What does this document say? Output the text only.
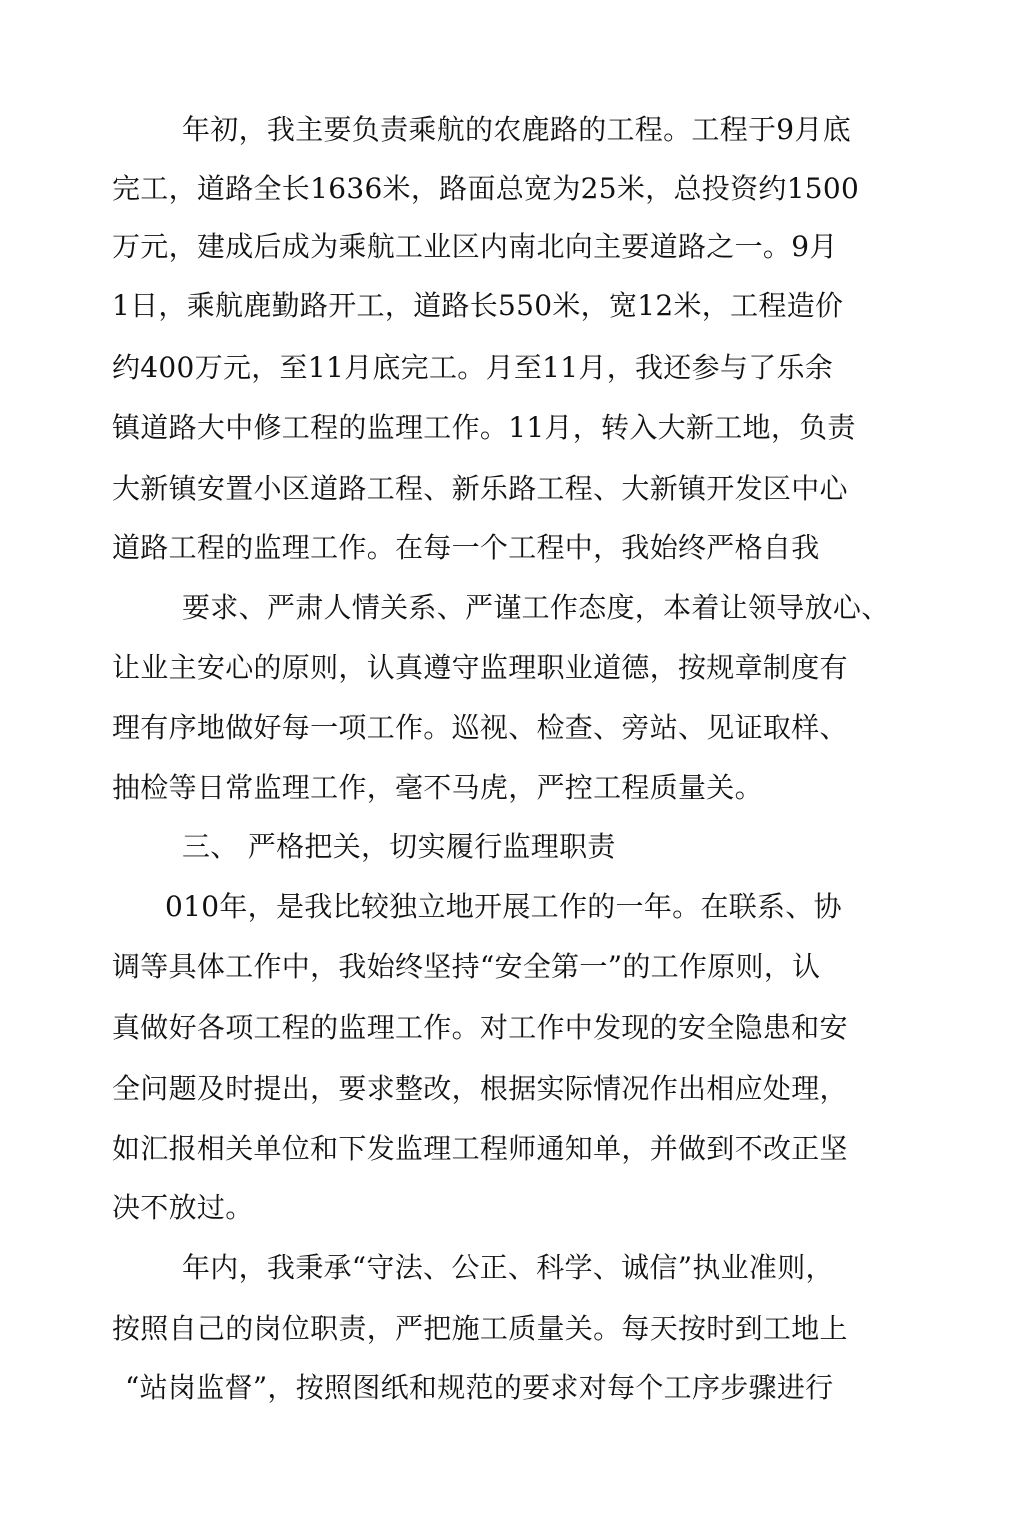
年初，我主要负责乘航的农鹿路的工程。工程于9月底
完工，道路全长1636米，路面总宽为25米，总投资约1500
万元，建成后成为乘航工业区内南北向主要道路之一。9月
1日，乘航鹿勤路开工，道路长550米，宽12米，工程造价
约400万元，至11月底完工。月至11月，我还参与了乐余
镇道路大中修工程的监理工作。11月，转入大新工地，负责
大新镇安置小区道路工程、新乐路工程、大新镇开发区中心
道路工程的监理工作。在每一个工程中，我始终严格自我
要求、严肃人情关系、严谨工作态度，本着让领导放心、
让业主安心的原则，认真遵守监理职业道德，按规章制度有
理有序地做好每一项工作。巡视、检查、旁站、见证取样、
抽检等日常监理工作，毫不马虎，严控工程质量关。
三、 严格把关，切实履行监理职责
010年，是我比较独立地开展工作的一年。在联系、协
调等具体工作中，我始终坚持“安全第一”的工作原则，认
真做好各项工程的监理工作。对工作中发现的安全隐患和安
全问题及时提出，要求整改，根据实际情况作出相应处理，
如汇报相关单位和下发监理工程师通知单，并做到不改正坚
决不放过。
年内，我秉承“守法、公正、科学、诚信”执业准则，
按照自己的岗位职责，严把施工质量关。每天按时到工地上
“站岗监督”，按照图纸和规范的要求对每个工序步骤进行
